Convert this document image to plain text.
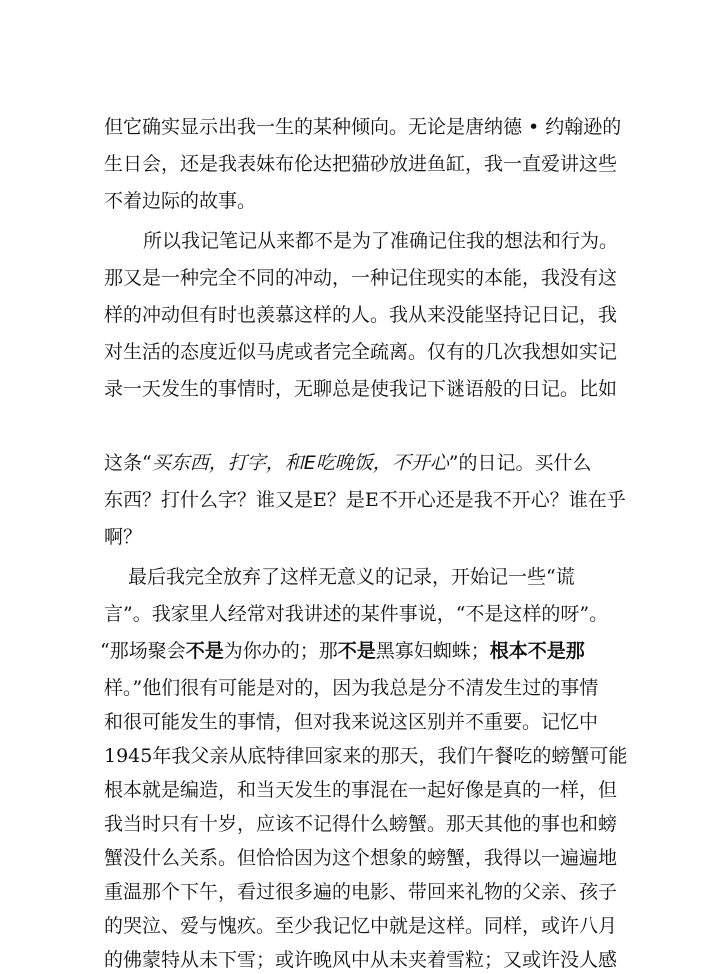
但它确实显示出我一生的某种倾向。无论是唐纳德 • 约翰逊的
生日会，还是我表妹布伦达把猫砂放进鱼缸，我一直爱讲这些
不着边际的故事。
所以我记笔记从来都不是为了准确记住我的想法和行为。
那又是一种完全不同的冲动，一种记住现实的本能，我没有这
样的冲动但有时也羡慕这样的人。我从来没能坚持记日记，我
对生活的态度近似马虎或者完全疏离。仅有的几次我想如实记
录一天发生的事情时，无聊总是使我记下谜语般的日记。比如
这条“买东西，打字，和E吃晚饭，不开心”的日记。买什么
东西？打什么字？谁又是E？是E不开心还是我不开心？谁在乎
啊？
最后我完全放弃了这样无意义的记录，开始记一些“谎
言”。我家里人经常对我讲述的某件事说，“不是这样的呀”。
“那场聚会不是为你办的；那不是黑寡妇蜘蛛；根本不是那
样。”他们很有可能是对的，因为我总是分不清发生过的事情
和很可能发生的事情，但对我来说这区别并不重要。记忆中
1945年我父亲从底特律回家来的那天，我们午餐吃的螃蟹可能
根本就是编造，和当天发生的事混在一起好像是真的一样，但
我当时只有十岁，应该不记得什么螃蟹。那天其他的事也和螃
蟹没什么关系。但恰恰因为这个想象的螃蟹，我得以一遍遍地
重温那个下午，看过很多遍的电影、带回来礼物的父亲、孩子
的哭泣、爱与愧疚。至少我记忆中就是这样。同样，或许八月
的佛蒙特从未下雪；或许晚风中从未夹着雪粒；又或许没人感
